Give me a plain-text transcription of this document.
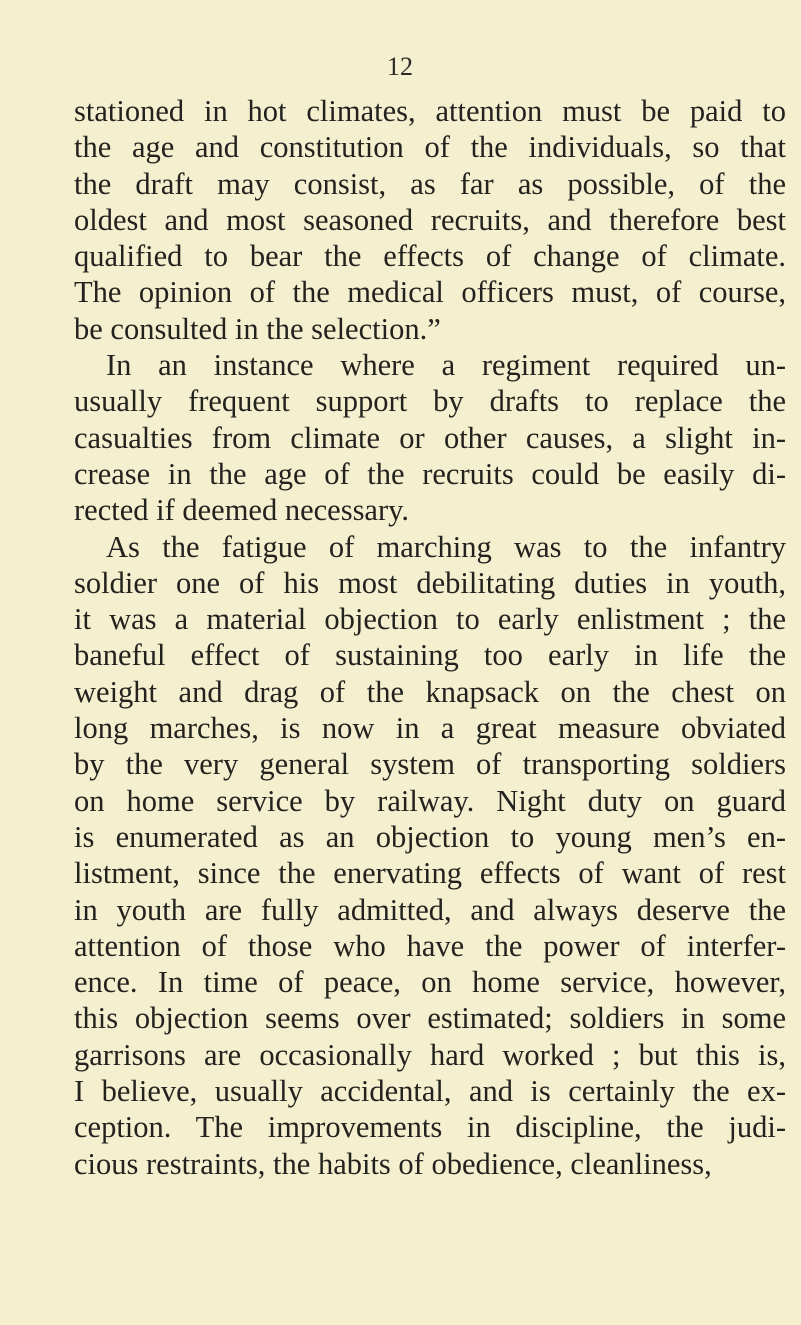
12
stationed in hot climates, attention must be paid to
the age and constitution of the individuals, so that
the draft may consist, as far as possible, of the
oldest and most seasoned recruits, and therefore best
qualified to bear the effects of change of climate.
The opinion of the medical officers must, of course,
be consulted in the selection.”
In an instance where a regiment required un-
usually frequent support by drafts to replace the
casualties from climate or other causes, a slight in-
crease in the age of the recruits could be easily di-
rected if deemed necessary.
As the fatigue of marching was to the infantry
soldier one of his most debilitating duties in youth,
it was a material objection to early enlistment ; the
baneful effect of sustaining too early in life the
weight and drag of the knapsack on the chest on
long marches, is now in a great measure obviated
by the very general system of transporting soldiers
on home service by railway. Night duty on guard
is enumerated as an objection to young men’s en-
listment, since the enervating effects of want of rest
in youth are fully admitted, and always deserve the
attention of those who have the power of interfer-
ence. In time of peace, on home service, however,
this objection seems over estimated; soldiers in some
garrisons are occasionally hard worked ; but this is,
I believe, usually accidental, and is certainly the ex-
ception. The improvements in discipline, the judi-
cious restraints, the habits of obedience, cleanliness,
